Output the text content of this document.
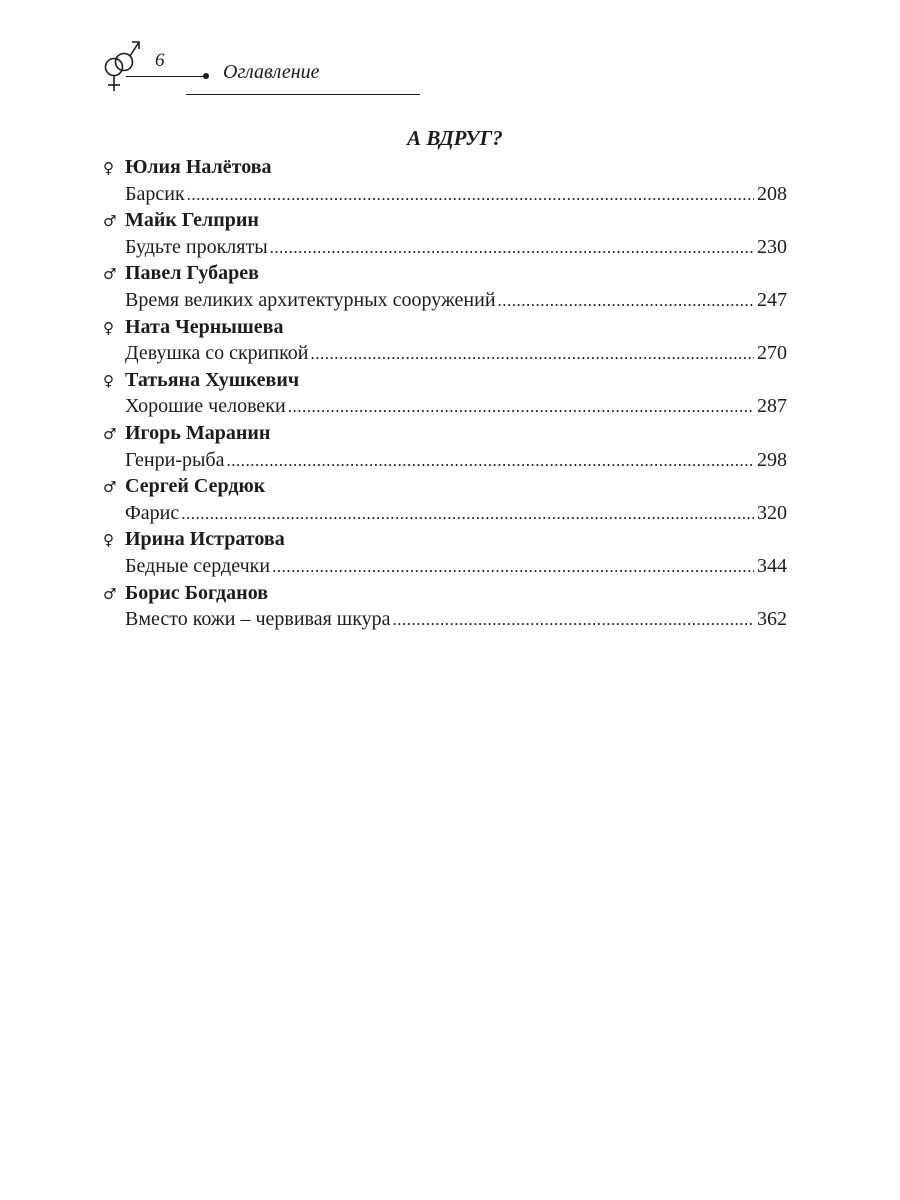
6
Оглавление
А ВДРУГ?
♀ Юлия Налётова
Барсик .....	208
♂ Майк Гелприн
Будьте прокляты .....	230
♂ Павел Губарев
Время великих архитектурных сооружений .....	247
♀ Ната Чернышева
Девушка со скрипкой .....	270
♀ Татьяна Хушкевич
Хорошие человеки .....	287
♂ Игорь Маранин
Генри-рыба .....	298
♂ Сергей Сердюк
Фарис .....	320
♀ Ирина Истратова
Бедные сердечки .....	344
♂ Борис Богданов
Вместо кожи – червивая шкура .....	362
